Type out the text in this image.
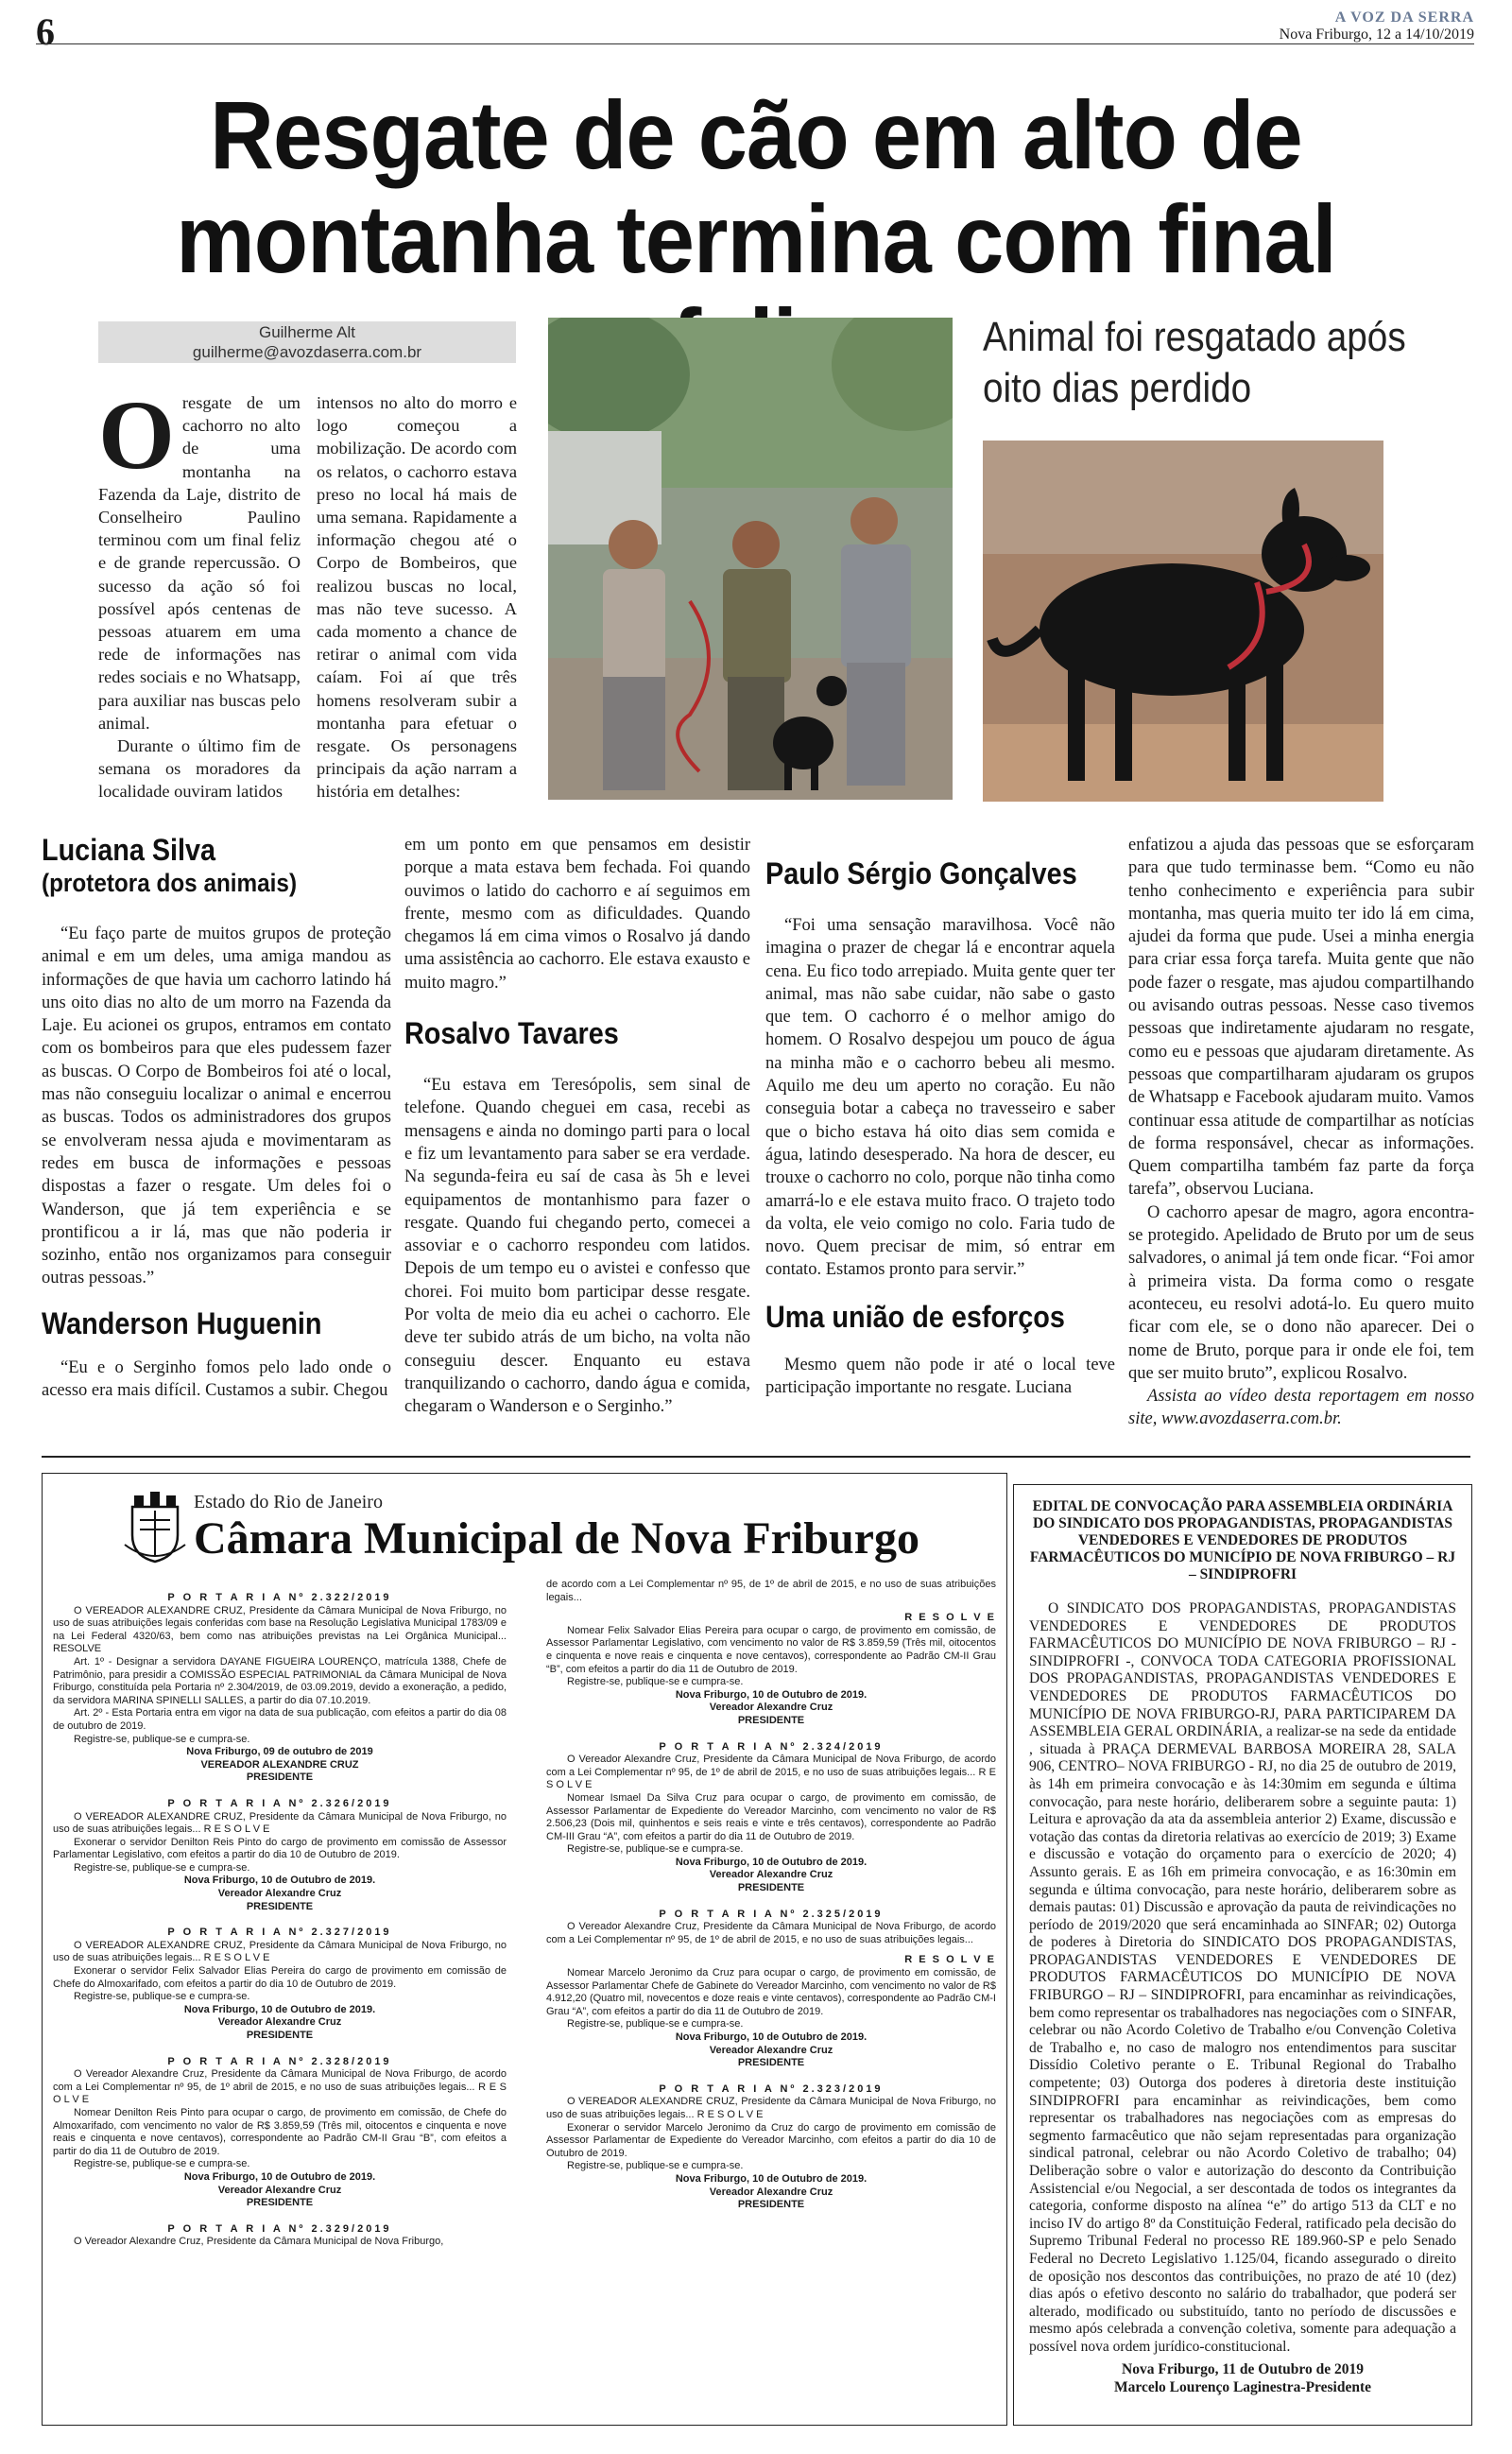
6	A VOZ DA SERRA
Nova Friburgo, 12 a 14/10/2019
Resgate de cão em alto de
montanha termina com final
Guilherme Alt
guilherme@avozdaserra.com.br
O resgate de um cachorro no alto de uma montanha na Fazenda da Laje, distrito de Conselheiro Paulino terminou com um final feliz e de grande repercussão. O sucesso da ação só foi possível após centenas de pessoas atuarem em uma rede de informações nas redes sociais e no Whatsapp, para auxiliar nas buscas pelo animal.
Durante o último fim de semana os moradores da localidade ouviram latidos
intensos no alto do morro e logo começou a mobilização. De acordo com os relatos, o cachorro estava preso no local há mais de uma semana. Rapidamente a informação chegou até o Corpo de Bombeiros, que realizou buscas no local, mas não teve sucesso. A cada momento a chance de retirar o animal com vida caíam. Foi aí que três homens resolveram subir a montanha para efetuar o resgate. Os personagens principais da ação narram a história em detalhes:
Animal foi resgatado após oito dias perdido
Luciana Silva
(protetora dos animais)

“Eu faço parte de muitos grupos de proteção animal e em um deles, uma amiga mandou as informações de que havia um cachorro latindo há uns oito dias no alto de um morro na Fazenda da Laje. Eu acionei os grupos, entramos em contato com os bombeiros para que eles pudessem fazer as buscas. O Corpo de Bombeiros foi até o local, mas não conseguiu localizar o animal e encerrou as buscas. Todos os administradores dos grupos se envolveram nessa ajuda e movimentaram as redes em busca de informações e pessoas dispostas a fazer o resgate. Um deles foi o Wanderson, que já tem experiência e se prontificou a ir lá, mas que não poderia ir sozinho, então nos organizamos para conseguir outras pessoas.”

Wanderson Huguenin

“Eu e o Serginho fomos pelo lado onde o acesso era mais difícil. Custamos a subir. Chegou

em um ponto em que pensamos em desistir porque a mata estava bem fechada. Foi quando ouvimos o latido do cachorro e aí seguimos em frente, mesmo com as dificuldades. Quando chegamos lá em cima vimos o Rosalvo já dando uma assistência ao cachorro. Ele estava exausto e muito magro.”
Rosalvo Tavares

“Eu estava em Teresópolis, sem sinal de telefone. Quando cheguei em casa, recebi as mensagens e ainda no domingo parti para o local e fiz um levantamento para saber se era verdade. Na segunda-feira eu saí de casa às 5h e levei equipamentos de montanhismo para fazer o resgate. Quando fui chegando perto, comecei a assoviar e o cachorro respondeu com latidos. Depois de um tempo eu o avistei e confesso que chorei. Foi muito bom participar desse resgate. Por volta de meio dia eu achei o cachorro. Ele deve ter subido atrás de um bicho, na volta não conseguiu descer. Enquanto eu estava tranquilizando o cachorro, dando água e comida, chegaram o Wanderson e o Serginho.”

Paulo Sérgio Gonçalves

“Foi uma sensação maravilhosa. Você não imagina o prazer de chegar lá e encontrar aquela cena. Eu fico todo arrepiado. Muita gente quer ter animal, mas não sabe cuidar, não sabe o gasto que tem. O cachorro é o melhor amigo do homem. O Rosalvo despejou um pouco de água na minha mão e o cachorro bebeu ali mesmo. Aquilo me deu um aperto no coração. Eu não conseguia botar a cabeça no travesseiro e saber que o bicho estava há oito dias sem comida e água, latindo desesperado. Na hora de descer, eu trouxe o cachorro no colo, porque não tinha como amarrá-lo e ele estava muito fraco. O trajeto todo da volta, ele veio comigo no colo. Faria tudo de novo. Quem precisar de mim, só entrar em contato. Estamos pronto para servir.”

Uma união de esforços

Mesmo quem não pode ir até o local teve participação importante no resgate. Luciana

enfatizou a ajuda das pessoas que se esforçaram para que tudo terminasse bem. “Como eu não tenho conhecimento e experiência para subir montanha, mas queria muito ter ido lá em cima, ajudei da forma que pude. Usei a minha energia para criar essa força tarefa. Muita gente que não pode fazer o resgate, mas ajudou compartilhando ou avisando outras pessoas. Nesse caso tivemos pessoas que indiretamente ajudaram no resgate, como eu e pessoas que ajudaram diretamente. As pessoas que compartilharam ajudaram os grupos de Whatsapp e Facebook ajudaram muito. Vamos continuar essa atitude de compartilhar as notícias de forma responsável, checar as informações. Quem compartilha também faz parte da força tarefa”, observou Luciana.

O cachorro apesar de magro, agora encontra-se protegido. Apelidado de Bruto por um de seus salvadores, o animal já tem onde ficar. “Foi amor à primeira vista. Da forma como o resgate aconteceu, eu resolvi adotá-lo. Eu quero muito ficar com ele, se o dono não aparecer. Dei o nome de Bruto, porque para ir onde ele foi, tem que ser muito bruto”, explicou Rosalvo.

Assista ao vídeo desta reportagem em nosso site, www.avozdaserra.com.br.

Estado do Rio de Janeiro
Câmara Municipal de Nova Friburgo

P O R T A R I A Nº 2.322/2019

O VEREADOR ALEXANDRE CRUZ, Presidente da Câmara Municipal de Nova Friburgo, no uso de suas atribuições legais conferidas com base na Resolução Legislativa Municipal 1783/09 e na Lei Federal 4320/63, bem como nas atribuições previstas na Lei Orgânica Municipal... RESOLVE

Art. 1º - Designar a servidora DAYANE FIGUEIRA LOURENÇO, matrícula 1388, Chefe de Patrimônio, para presidir a COMISSÃO ESPECIAL PATRIMONIAL da Câmara Municipal de Nova Friburgo, constituída pela Portaria nº 2.304/2019, de 03.09.2019, devido a exoneração, a pedido, da servidora MARINA SPINELLI SALLES, a partir do dia 07.10.2019.

Art. 2º - Esta Portaria entra em vigor na data de sua publicação, com efeitos a partir do dia 08 de outubro de 2019.

Registre-se, publique-se e cumpra-se.

Nova Friburgo, 09 de outubro de 2019

VEREADOR ALEXANDRE CRUZ

PRESIDENTE

P O R T A R I A Nº 2.326/2019

O VEREADOR ALEXANDRE CRUZ, Presidente da Câmara Municipal de Nova Friburgo, no uso de suas atribuições legais... R E S O L V E

Exonerar o servidor Denilton Reis Pinto do cargo de provimento em comissão de Assessor Parlamentar Legislativo, com efeitos a partir do dia 10 de Outubro de 2019.

Registre-se, publique-se e cumpra-se.

Nova Friburgo, 10 de Outubro de 2019.

Vereador Alexandre Cruz

PRESIDENTE

P O R T A R I A Nº 2.327/2019

O VEREADOR ALEXANDRE CRUZ, Presidente da Câmara Municipal de Nova Friburgo, no uso de suas atribuições legais... R E S O L V E

Exonerar o servidor Felix Salvador Elias Pereira do cargo de provimento em comissão de Chefe do Almoxarifado, com efeitos a partir do dia 10 de Outubro de 2019.

Registre-se, publique-se e cumpra-se.

Nova Friburgo, 10 de Outubro de 2019.

Vereador Alexandre Cruz

PRESIDENTE

P O R T A R I A Nº 2.328/2019

O Vereador Alexandre Cruz, Presidente da Câmara Municipal de Nova Friburgo, de acordo com a Lei Complementar nº 95, de 1º abril de 2015, e no uso de suas atribuições legais... R E S O L V E

Nomear Denilton Reis Pinto para ocupar o cargo, de provimento em comissão, de Chefe do Almoxarifado, com vencimento no valor de R$ 3.859,59 (Três mil, oitocentos e cinquenta e nove reais e cinquenta e nove centavos), correspondente ao Padrão CM-II Grau “B”, com efeitos a partir do dia 11 de Outubro de 2019.

Registre-se, publique-se e cumpra-se.

Nova Friburgo, 10 de Outubro de 2019.

Vereador Alexandre Cruz

PRESIDENTE

P O R T A R I A Nº 2.329/2019

O Vereador Alexandre Cruz, Presidente da Câmara Municipal de Nova Friburgo,

de acordo com a Lei Complementar nº 95, de 1º de abril de 2015, e no uso de suas atribuições legais...

R E S O L V E

Nomear Felix Salvador Elias Pereira para ocupar o cargo, de provimento em comissão, de Assessor Parlamentar Legislativo, com vencimento no valor de R$ 3.859,59 (Três mil, oitocentos e cinquenta e nove reais e cinquenta e nove centavos), correspondente ao Padrão CM-II Grau “B”, com efeitos a partir do dia 11 de Outubro de 2019.

Registre-se, publique-se e cumpra-se.

Nova Friburgo, 10 de Outubro de 2019.

Vereador Alexandre Cruz

PRESIDENTE

P O R T A R I A Nº 2.324/2019

O Vereador Alexandre Cruz, Presidente da Câmara Municipal de Nova Friburgo, de acordo com a Lei Complementar nº 95, de 1º de abril de 2015, e no uso de suas atribuições legais... R E S O L V E

Nomear Ismael Da Silva Cruz para ocupar o cargo, de provimento em comissão, de Assessor Parlamentar de Expediente do Vereador Marcinho, com vencimento no valor de R$ 2.506,23 (Dois mil, quinhentos e seis reais e vinte e três centavos), correspondente ao Padrão CM-III Grau “A”, com efeitos a partir do dia 11 de Outubro de 2019.

Registre-se, publique-se e cumpra-se.

Nova Friburgo, 10 de Outubro de 2019.

Vereador Alexandre Cruz

PRESIDENTE

P O R T A R I A Nº 2.325/2019

O Vereador Alexandre Cruz, Presidente da Câmara Municipal de Nova Friburgo, de acordo com a Lei Complementar nº 95, de 1º de abril de 2015, e no uso de suas atribuições legais...

R E S O L V E

Nomear Marcelo Jeronimo da Cruz para ocupar o cargo, de provimento em comissão, de Assessor Parlamentar Chefe de Gabinete do Vereador Marcinho, com vencimento no valor de R$ 4.912,20 (Quatro mil, novecentos e doze reais e vinte centavos), correspondente ao Padrão CM-I Grau “A”, com efeitos a partir do dia 11 de Outubro de 2019.

Registre-se, publique-se e cumpra-se.

Nova Friburgo, 10 de Outubro de 2019.

Vereador Alexandre Cruz

PRESIDENTE

P O R T A R I A Nº 2.323/2019

O VEREADOR ALEXANDRE CRUZ, Presidente da Câmara Municipal de Nova Friburgo, no uso de suas atribuições legais... R E S O L V E

Exonerar o servidor Marcelo Jeronimo da Cruz do cargo de provimento em comissão de Assessor Parlamentar de Expediente do Vereador Marcinho, com efeitos a partir do dia 10 de Outubro de 2019.

Registre-se, publique-se e cumpra-se.

Nova Friburgo, 10 de Outubro de 2019.

Vereador Alexandre Cruz

PRESIDENTE

EDITAL DE CONVOCAÇÃO PARA ASSEMBLEIA ORDINÁRIA DO SINDICATO DOS PROPAGANDISTAS, PROPAGANDISTAS VENDEDORES E VENDEDORES DE PRODUTOS FARMACÊUTICOS DO MUNICÍPIO DE NOVA FRIBURGO – RJ – SINDIPROFRI
O SINDICATO DOS PROPAGANDISTAS, PROPAGANDISTAS VENDEDORES E VENDEDORES DE PRODUTOS FARMACÊUTICOS DO MUNICÍPIO DE NOVA FRIBURGO – RJ -SINDIPROFRI -, CONVOCA TODA CATEGORIA PROFISSIONAL DOS PROPAGANDISTAS, PROPAGANDISTAS VENDEDORES E VENDEDORES DE PRODUTOS FARMACÊUTICOS DO MUNICÍPIO DE NOVA FRIBURGO-RJ, PARA PARTICIPAREM DA ASSEMBLEIA GERAL ORDINÁRIA, a realizar-se na sede da entidade , situada à PRAÇA DERMEVAL BARBOSA MOREIRA 28, SALA 906, CENTRO– NOVA FRIBURGO - RJ, no dia 25 de outubro de 2019, às 14h em primeira convocação e às 14:30mim em segunda e última convocação, para neste horário, deliberarem sobre a seguinte pauta: 1) Leitura e aprovação da ata da assembleia anterior 2) Exame, discussão e votação das contas da diretoria relativas ao exercício de 2019; 3) Exame e discussão e votação do orçamento para o exercício de 2020; 4) Assunto gerais. E as 16h em primeira convocação, e as 16:30min em segunda e última convocação, para neste horário, deliberarem sobre as demais pautas: 01) Discussão e aprovação da pauta de reivindicações no período de 2019/2020 que será encaminhada ao SINFAR; 02) Outorga de poderes à Diretoria do SINDICATO DOS PROPAGANDISTAS, PROPAGANDISTAS VENDEDORES E VENDEDORES DE PRODUTOS FARMACÊUTICOS DO MUNICÍPIO DE NOVA FRIBURGO – RJ – SINDIPROFRI, para encaminhar as reivindicações, bem como representar os trabalhadores nas negociações com o SINFAR, celebrar ou não Acordo Coletivo de Trabalho e/ou Convenção Coletiva de Trabalho e, no caso de malogro nos entendimentos para suscitar Dissídio Coletivo perante o E. Tribunal Regional do Trabalho competente; 03) Outorga dos poderes à diretoria deste instituição SINDIPROFRI para encaminhar as reivindicações, bem como representar os trabalhadores nas negociações com as empresas do segmento farmacêutico que não sejam representadas para organização sindical patronal, celebrar ou não Acordo Coletivo de trabalho; 04) Deliberação sobre o valor e autorização do desconto da Contribuição Assistencial e/ou Negocial, a ser descontada de todos os integrantes da categoria, conforme disposto na alínea “e” do artigo 513 da CLT e no inciso IV do artigo 8º da Constituição Federal, ratificado pela decisão do Supremo Tribunal Federal no processo RE 189.960-SP e pelo Senado Federal no Decreto Legislativo 1.125/04, ficando assegurado o direito de oposição nos descontos das contribuições, no prazo de até 10 (dez) dias após o efetivo desconto no salário do trabalhador, que poderá ser alterado, modificado ou substituído, tanto no período de discussões e mesmo após celebrada a convenção coletiva, somente para adequação a possível nova ordem jurídico-constitucional.
Nova Friburgo, 11 de Outubro de 2019
Marcelo Lourenço Laginestra-Presidente
